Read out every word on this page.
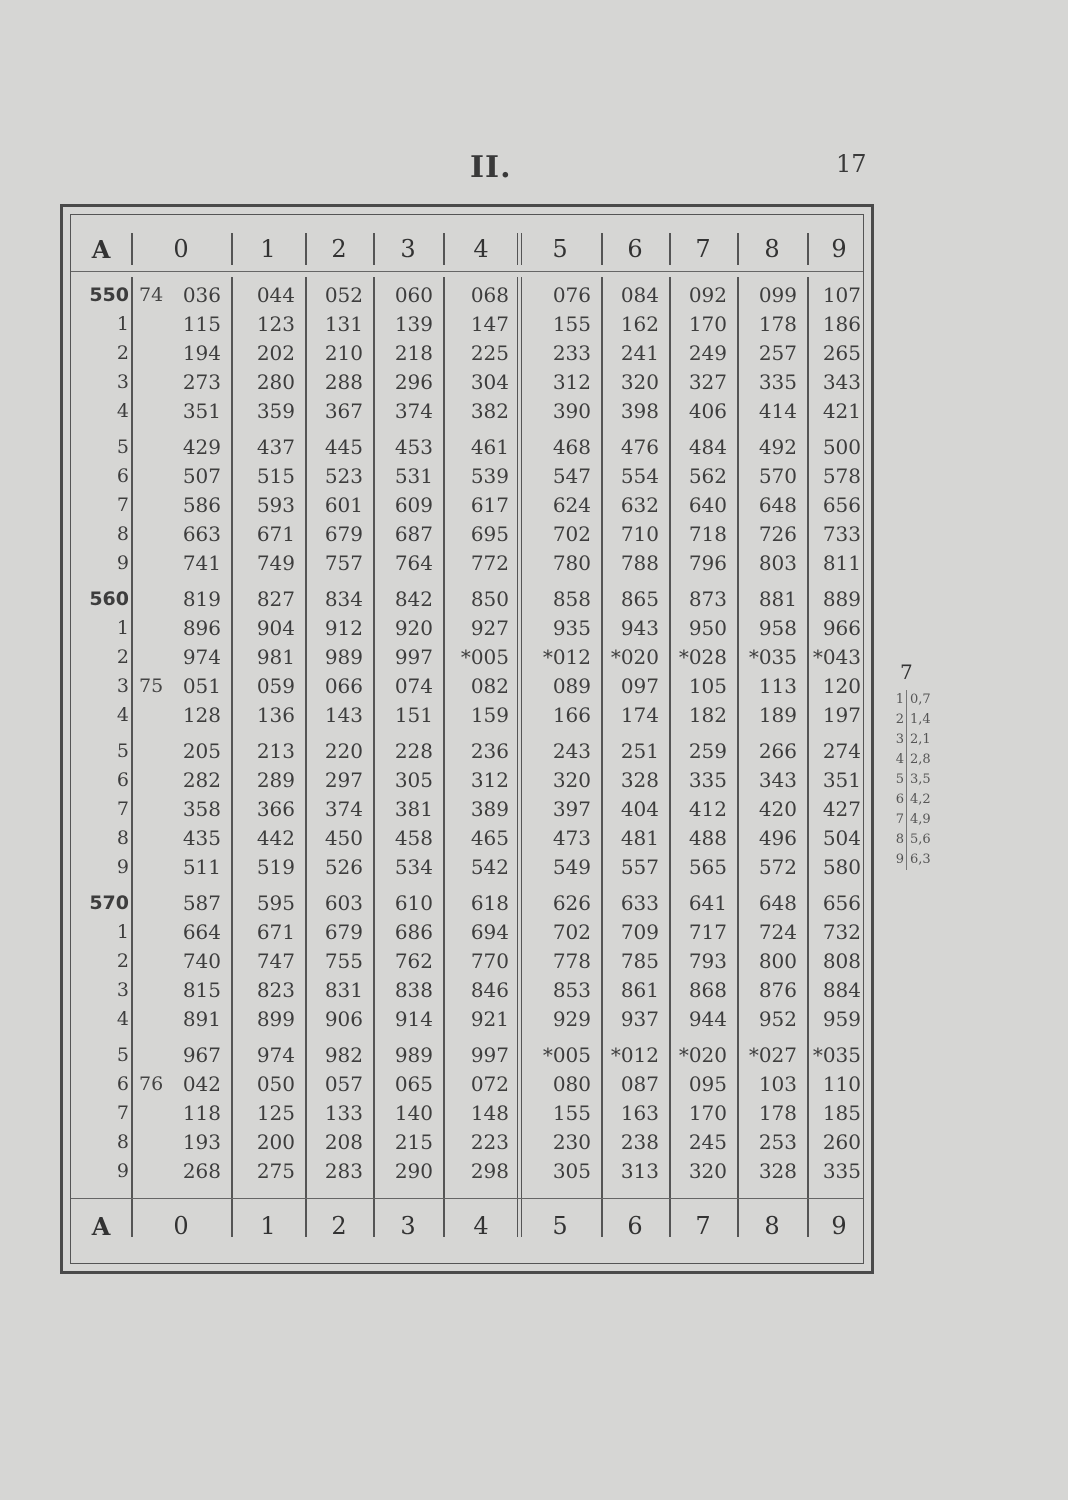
II.	17
A	0	1	2	3	4	5	6	7	8	9
550 74 036	044	052	060	068	076	084	092	099	107
1	115	123	131	139	147	155	162	170	178	186
2	194	202	210	218	225	233	241	249	257	265
3	273	280	288	296	304	312	320	327	335	343
4	351	359	367	374	382	390	398	406	414	421
5	429	437	445	453	461	468	476	484	492	500
6	507	515	523	531	539	547	554	562	570	578
7	586	593	601	609	617	624	632	640	648	656
8	663	671	679	687	695	702	710	718	726	733
9	741	749	757	764	772	780	788	796	803	811
560	819	827	834	842	850	858	865	873	881	889
1	896	904	912	920	927	935	943	950	958	966
2	974	981	989	997	*005	*012 *020 *028	*035 *043
3 75 051	059	066	074	082	089	097	105	113	120
4	128	136	143	151	159	166	174	182	189	197
5	205	213	220	228	236	243	251	259	266	274
6	282	289	297	305	312	320	328	335	343	351
7	358	366	374	381	389	397	404	412	420	427
8	435	442	450	458	465	473	481	488	496	504
9	511	519	526	534	542	549	557	565	572	580
570	587	595	603	610	618	626	633	641	648	656
1	664	671	679	686	694	702	709	717	724	732
2	740	747	755	762	770	778	785	793	800	808
3	815	823	831	838	846	853	861	868	876	884
4	891	899	906	914	921	929	937	944	952	959
5	967	974	982	989	997	*005 *012 *020	*027 *035
6 76 042	050	057	065	072	080	087	095	103	110
7	118	125	133	140	148	155	163	170	178	185
8	193	200	208	215	223	230	238	245	253	260
9	268	275	283	290	298	305	313	320	328	335
A	0	1	2	3	4	5	6	7	8	9
7
1 0,7
2 1,4
3 2,1
4 2,8
5 3,5
6 4,2
7 4,9
8 5,6
9 6,3
